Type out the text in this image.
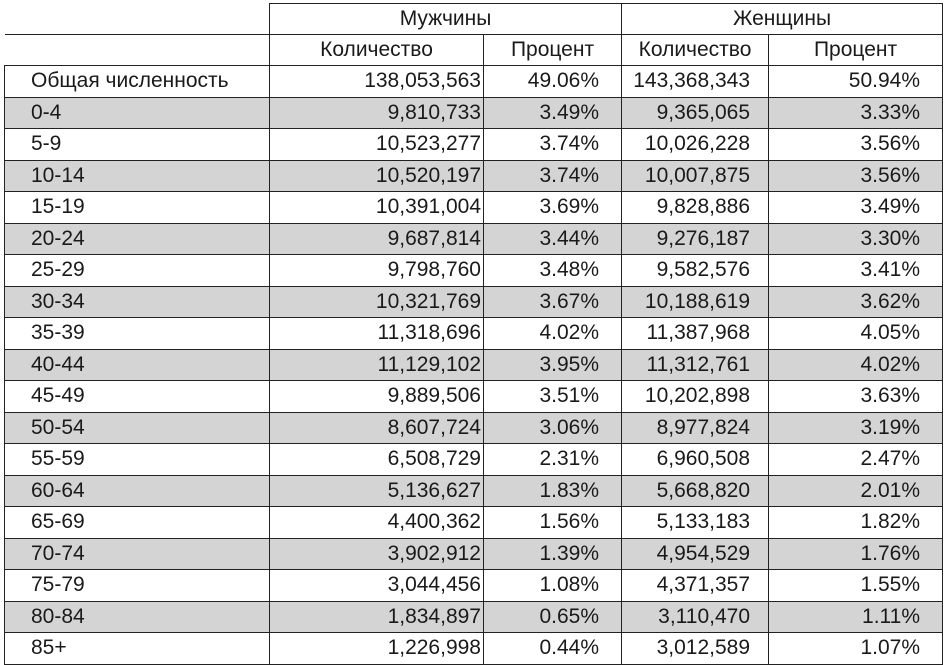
	Мужчины		Женщины	
	Количество	Процент	Количество	Процент
Общая численность	138,053,563	49.06%	143,368,343	50.94%
0-4	9,810,733	3.49%	9,365,065	3.33%
5-9	10,523,277	3.74%	10,026,228	3.56%
10-14	10,520,197	3.74%	10,007,875	3.56%
15-19	10,391,004	3.69%	9,828,886	3.49%
20-24	9,687,814	3.44%	9,276,187	3.30%
25-29	9,798,760	3.48%	9,582,576	3.41%
30-34	10,321,769	3.67%	10,188,619	3.62%
35-39	11,318,696	4.02%	11,387,968	4.05%
40-44	11,129,102	3.95%	11,312,761	4.02%
45-49	9,889,506	3.51%	10,202,898	3.63%
50-54	8,607,724	3.06%	8,977,824	3.19%
55-59	6,508,729	2.31%	6,960,508	2.47%
60-64	5,136,627	1.83%	5,668,820	2.01%
65-69	4,400,362	1.56%	5,133,183	1.82%
70-74	3,902,912	1.39%	4,954,529	1.76%
75-79	3,044,456	1.08%	4,371,357	1.55%
80-84	1,834,897	0.65%	3,110,470	1.11%
85+	1,226,998	0.44%	3,012,589	1.07%
